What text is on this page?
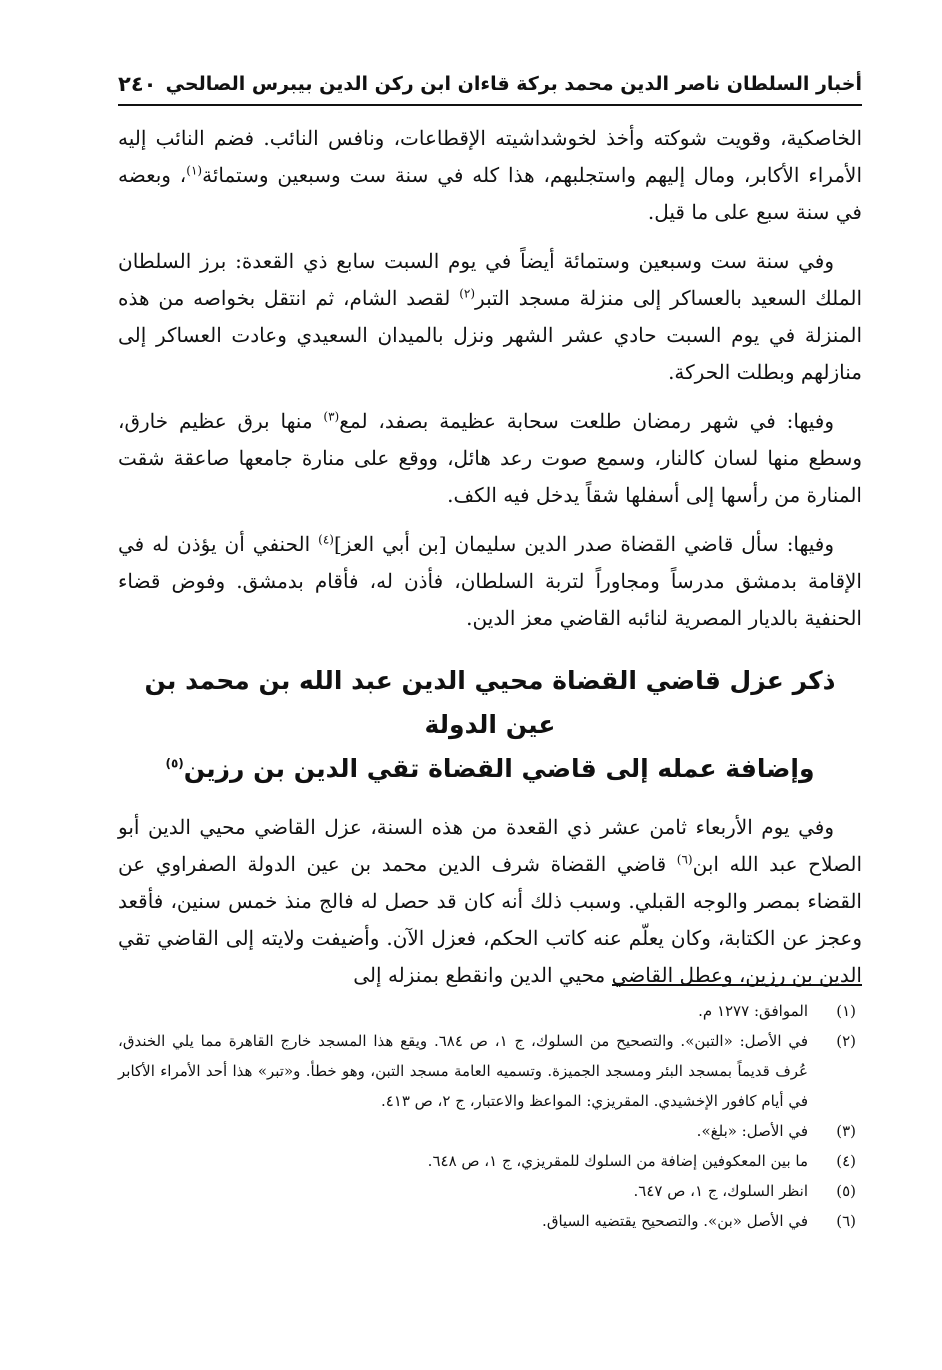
أخبار السلطان ناصر الدين محمد بركة قاءان ابن ركن الدين بيبرس الصالحي
٢٤٠

الخاصكية، وقويت شوكته وأخذ لخوشداشيته الإقطاعات، ونافس النائب. فضم النائب إليه الأمراء الأكابر، ومال إليهم واستجلبهم، هذا كله في سنة ست وسبعين وستمائة$^{(١)}$، وبعضه في سنة سبع على ما قيل.

وفي سنة ست وسبعين وستمائة أيضاً في يوم السبت سابع ذي القعدة: برز السلطان الملك السعيد بالعساكر إلى منزلة مسجد التبر$^{(٢)}$ لقصد الشام، ثم انتقل بخواصه من هذه المنزلة في يوم السبت حادي عشر الشهر ونزل بالميدان السعيدي وعادت العساكر إلى منازلهم وبطلت الحركة.

وفيها: في شهر رمضان طلعت سحابة عظيمة بصفد، لمع$^{(٣)}$ منها برق عظيم خارق، وسطع منها لسان كالنار، وسمع صوت رعد هائل، ووقع على منارة جامعها صاعقة شقت المنارة من رأسها إلى أسفلها شقاً يدخل فيه الكف.

وفيها: سأل قاضي القضاة صدر الدين سليمان [بن أبي العز]$^{(٤)}$ الحنفي أن يؤذن له في الإقامة بدمشق مدرساً ومجاوراً لتربة السلطان، فأذن له، فأقام بدمشق. وفوض قضاء الحنفية بالديار المصرية لنائبه القاضي معز الدين.

ذكر عزل قاضي القضاة محيي الدين عبد الله بن محمد بن عين الدولة
وإضافة عمله إلى قاضي القضاة تقي الدين بن رزين$^{(٥)}$

وفي يوم الأربعاء ثامن عشر ذي القعدة من هذه السنة، عزل القاضي محيي الدين أبو الصلاح عبد الله ابن$^{(٦)}$ قاضي القضاة شرف الدين محمد بن عين الدولة الصفراوي عن القضاء بمصر والوجه القبلي. وسبب ذلك أنه كان قد حصل له فالج منذ خمس سنين، فأقعد وعجز عن الكتابة، وكان يعلّم عنه كاتب الحكم، فعزل الآن. وأضيفت ولايته إلى القاضي تقي الدين بن رزين، وعطل القاضي محيي الدين وانقطع بمنزله إلى

(١)
الموافق: ١٢٧٧ م.
(٢)
في الأصل: «التبن». والتصحيح من السلوك، ج ١، ص ٦٨٤. ويقع هذا المسجد خارج القاهرة مما يلي الخندق، عُرف قديماً بمسجد البئر ومسجد الجميزة. وتسميه العامة مسجد التبن، وهو خطأ. و«تبر» هذا أحد الأمراء الأكابر في أيام كافور الإخشيدي. المقريزي: المواعظ والاعتبار، ج ٢، ص ٤١٣.
(٣)
في الأصل: «بلغ».
(٤)
ما بين المعكوفين إضافة من السلوك للمقريزي، ج ١، ص ٦٤٨.
(٥)
انظر السلوك، ج ١، ص ٦٤٧.
(٦)
في الأصل «بن». والتصحيح يقتضيه السياق.
